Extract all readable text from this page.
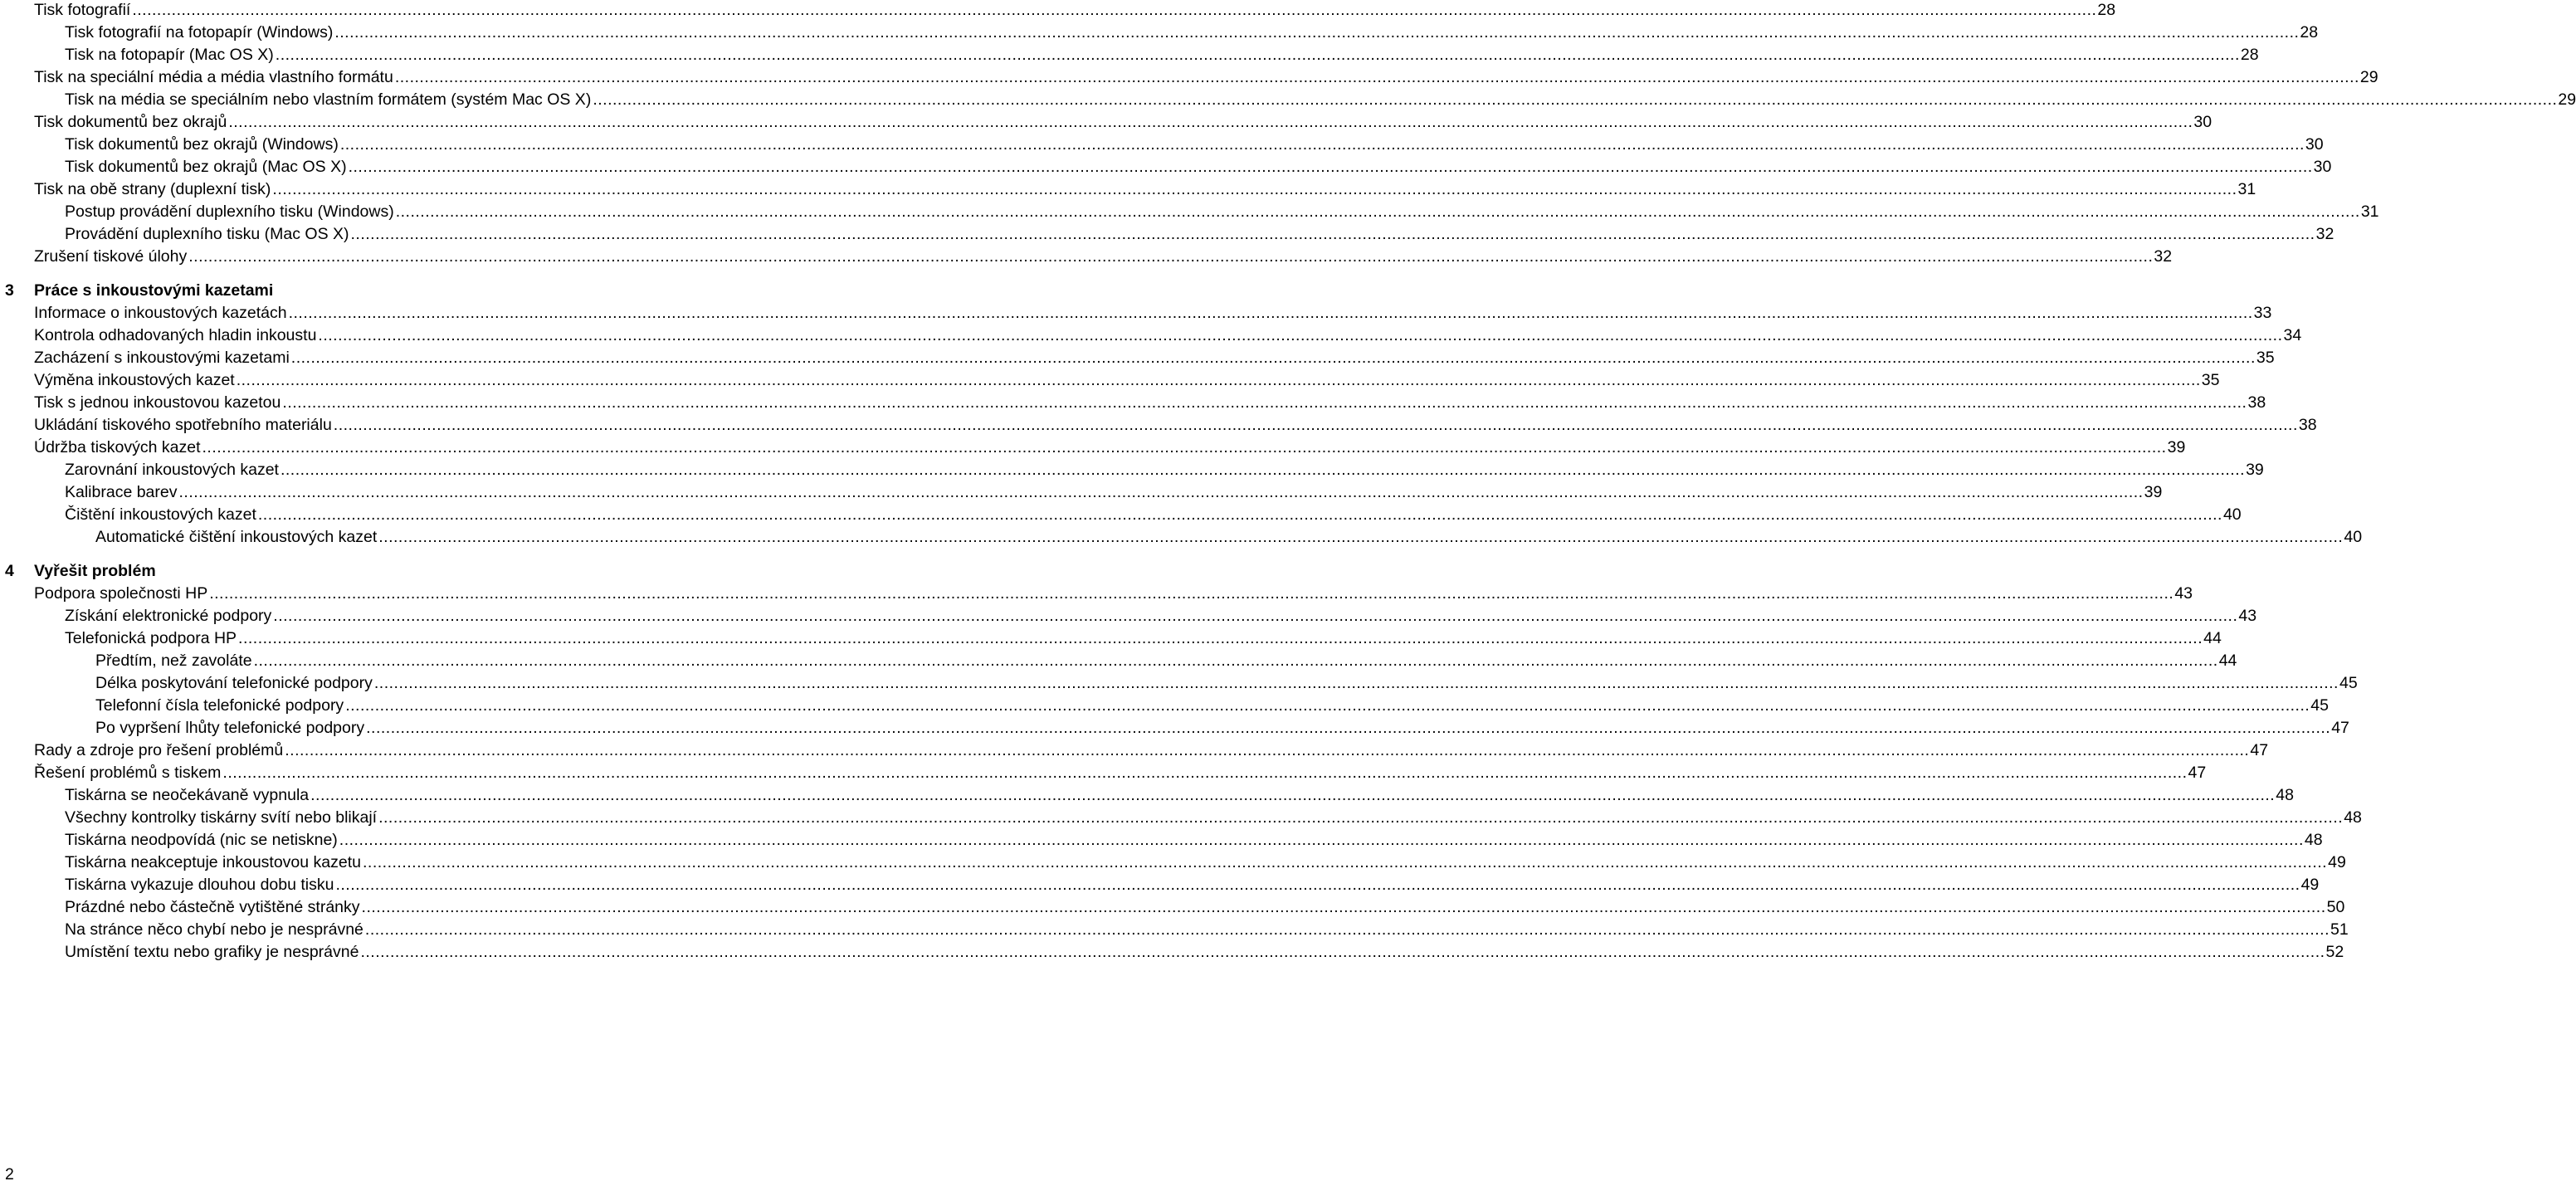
Tisk fotografií ................................................................................................................................................................................................................................................................................................................................................................................................................ 28
Tisk fotografií na fotopapír (Windows) ................................................................................................................................................................................................................................................................................................................................................................................................................ 28
Tisk na fotopapír (Mac OS X) ................................................................................................................................................................................................................................................................................................................................................................................................................ 28
Tisk na speciální média a média vlastního formátu ................................................................................................................................................................................................................................................................................................................................................................................................................ 29
Tisk na média se speciálním nebo vlastním formátem (systém Mac OS X) ................................................................................................................................................................................................................................................................................................................................................................................................................ 29
Tisk dokumentů bez okrajů ................................................................................................................................................................................................................................................................................................................................................................................................................ 30
Tisk dokumentů bez okrajů (Windows) ................................................................................................................................................................................................................................................................................................................................................................................................................ 30
Tisk dokumentů bez okrajů (Mac OS X) ................................................................................................................................................................................................................................................................................................................................................................................................................ 30
Tisk na obě strany (duplexní tisk) ................................................................................................................................................................................................................................................................................................................................................................................................................ 31
Postup provádění duplexního tisku (Windows) ................................................................................................................................................................................................................................................................................................................................................................................................................ 31
Provádění duplexního tisku (Mac OS X) ................................................................................................................................................................................................................................................................................................................................................................................................................ 32
Zrušení tiskové úlohy ................................................................................................................................................................................................................................................................................................................................................................................................................ 32
3 Práce s inkoustovými kazetami
Informace o inkoustových kazetách ................................................................................................................................................................................................................................................................................................................................................................................................................ 33
Kontrola odhadovaných hladin inkoustu ................................................................................................................................................................................................................................................................................................................................................................................................................ 34
Zacházení s inkoustovými kazetami ................................................................................................................................................................................................................................................................................................................................................................................................................ 35
Výměna inkoustových kazet ................................................................................................................................................................................................................................................................................................................................................................................................................ 35
Tisk s jednou inkoustovou kazetou ................................................................................................................................................................................................................................................................................................................................................................................................................ 38
Ukládání tiskového spotřebního materiálu ................................................................................................................................................................................................................................................................................................................................................................................................................ 38
Údržba tiskových kazet ................................................................................................................................................................................................................................................................................................................................................................................................................ 39
Zarovnání inkoustových kazet ................................................................................................................................................................................................................................................................................................................................................................................................................ 39
Kalibrace barev ................................................................................................................................................................................................................................................................................................................................................................................................................ 39
Čištění inkoustových kazet ................................................................................................................................................................................................................................................................................................................................................................................................................ 40
Automatické čištění inkoustových kazet ................................................................................................................................................................................................................................................................................................................................................................................................................ 40
4 Vyřešit problém
Podpora společnosti HP ................................................................................................................................................................................................................................................................................................................................................................................................................ 43
Získání elektronické podpory ................................................................................................................................................................................................................................................................................................................................................................................................................ 43
Telefonická podpora HP ................................................................................................................................................................................................................................................................................................................................................................................................................ 44
Předtím, než zavoláte ................................................................................................................................................................................................................................................................................................................................................................................................................ 44
Délka poskytování telefonické podpory ................................................................................................................................................................................................................................................................................................................................................................................................................ 45
Telefonní čísla telefonické podpory ................................................................................................................................................................................................................................................................................................................................................................................................................ 45
Po vypršení lhůty telefonické podpory ................................................................................................................................................................................................................................................................................................................................................................................................................ 47
Rady a zdroje pro řešení problémů ................................................................................................................................................................................................................................................................................................................................................................................................................ 47
Řešení problémů s tiskem ................................................................................................................................................................................................................................................................................................................................................................................................................ 47
Tiskárna se neočekávaně vypnula ................................................................................................................................................................................................................................................................................................................................................................................................................ 48
Všechny kontrolky tiskárny svítí nebo blikají ................................................................................................................................................................................................................................................................................................................................................................................................................ 48
Tiskárna neodpovídá (nic se netiskne) ................................................................................................................................................................................................................................................................................................................................................................................................................ 48
Tiskárna neakceptuje inkoustovou kazetu ................................................................................................................................................................................................................................................................................................................................................................................................................ 49
Tiskárna vykazuje dlouhou dobu tisku ................................................................................................................................................................................................................................................................................................................................................................................................................ 49
Prázdné nebo částečně vytištěné stránky ................................................................................................................................................................................................................................................................................................................................................................................................................ 50
Na stránce něco chybí nebo je nesprávné ................................................................................................................................................................................................................................................................................................................................................................................................................ 51
Umístění textu nebo grafiky je nesprávné ................................................................................................................................................................................................................................................................................................................................................................................................................ 52
2
